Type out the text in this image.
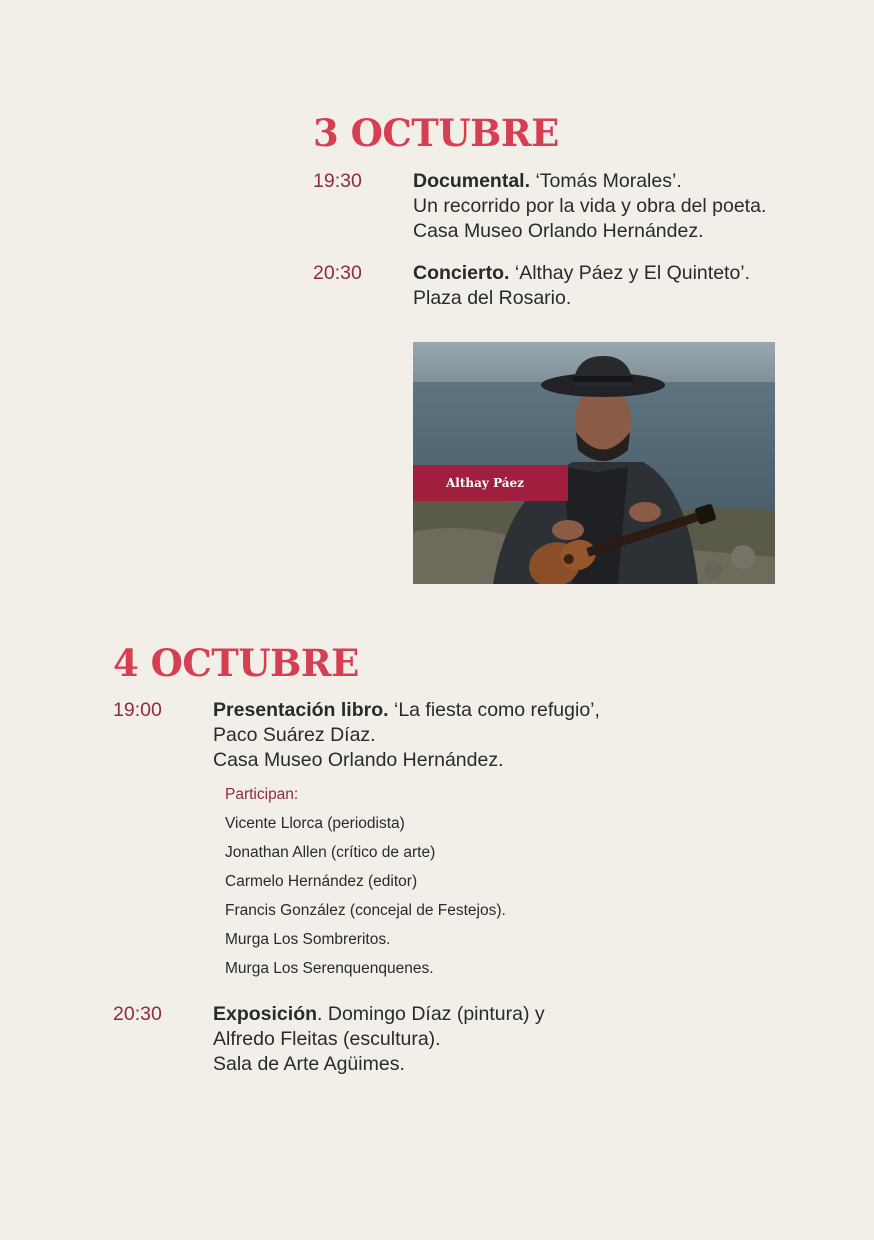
3 OCTUBRE
19:30	Documental. ‘Tomás Morales’.
Un recorrido por la vida y obra del poeta.
Casa Museo Orlando Hernández.
20:30	Concierto. ‘Althay Páez y El Quinteto’.
Plaza del Rosario.
Althay Páez
4 OCTUBRE
19:00	Presentación libro. ‘La fiesta como refugio’,
Paco Suárez Díaz.
Casa Museo Orlando Hernández.
Participan:
Vicente Llorca (periodista)
Jonathan Allen (crítico de arte)
Carmelo Hernández (editor)
Francis González (concejal de Festejos).
Murga Los Sombreritos.
Murga Los Serenquenquenes.
20:30	Exposición. Domingo Díaz (pintura) y
Alfredo Fleitas (escultura).
Sala de Arte Agüimes.
